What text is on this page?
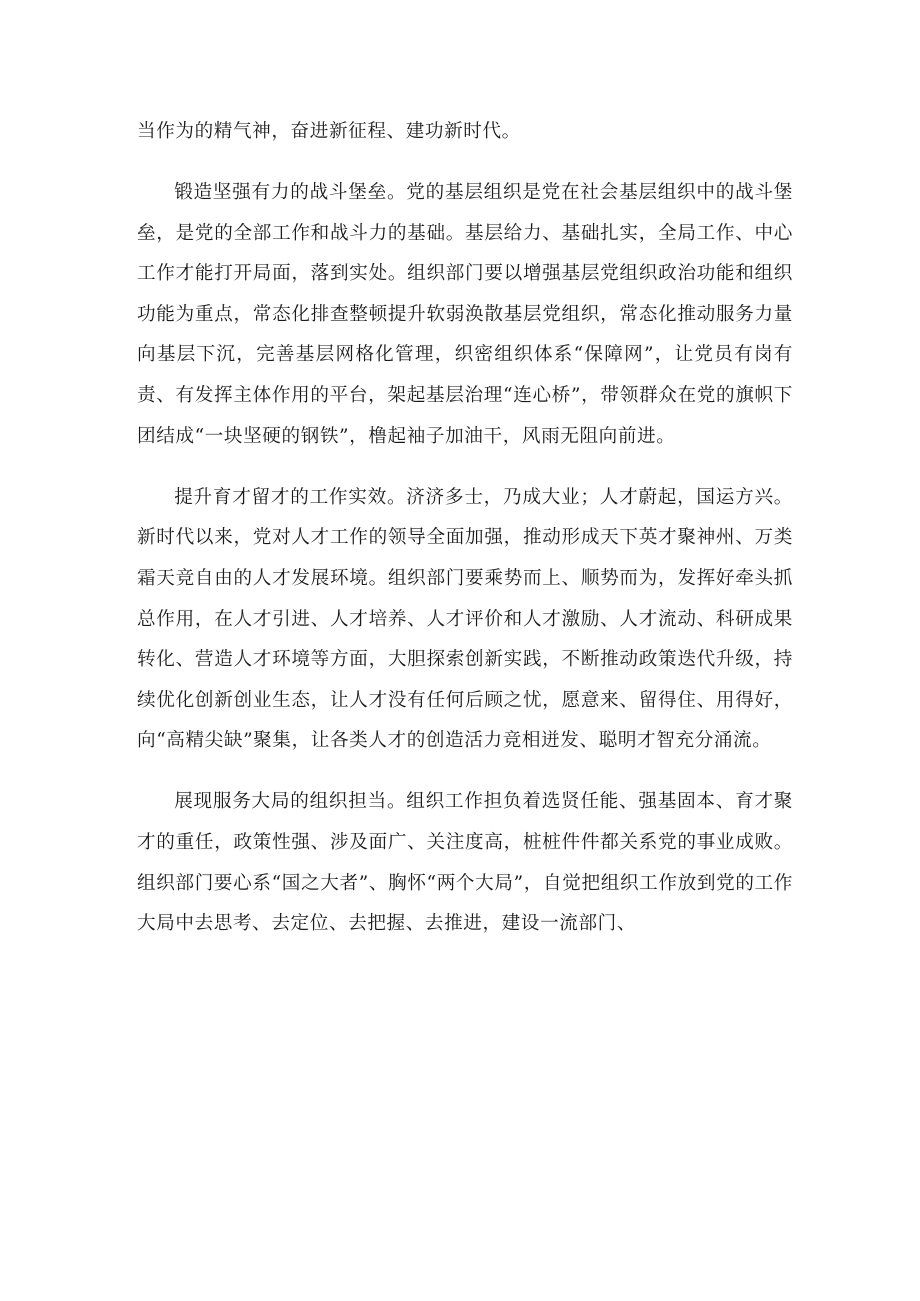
当作为的精气神，奋进新征程、建功新时代。

锻造坚强有力的战斗堡垒。党的基层组织是党在社会基层组织中的战斗堡垒，是党的全部工作和战斗力的基础。基层给力、基础扎实，全局工作、中心工作才能打开局面，落到实处。组织部门要以增强基层党组织政治功能和组织功能为重点，常态化排查整顿提升软弱涣散基层党组织，常态化推动服务力量向基层下沉，完善基层网格化管理，织密组织体系“保障网”，让党员有岗有责、有发挥主体作用的平台，架起基层治理“连心桥”，带领群众在党的旗帜下团结成“一块坚硬的钢铁”，橹起袖子加油干，风雨无阻向前进。

提升育才留才的工作实效。济济多士，乃成大业；人才蔚起，国运方兴。新时代以来，党对人才工作的领导全面加强，推动形成天下英才聚神州、万类霜天竞自由的人才发展环境。组织部门要乘势而上、顺势而为，发挥好牵头抓总作用，在人才引进、人才培养、人才评价和人才激励、人才流动、科研成果转化、营造人才环境等方面，大胆探索创新实践，不断推动政策迭代升级，持续优化创新创业生态，让人才没有任何后顾之忧，愿意来、留得住、用得好，向“高精尖缺”聚集，让各类人才的创造活力竞相迸发、聪明才智充分涌流。

展现服务大局的组织担当。组织工作担负着选贤任能、强基固本、育才聚才的重任，政策性强、涉及面广、关注度高，桩桩件件都关系党的事业成败。组织部门要心系“国之大者”、胸怀“两个大局”，自觉把组织工作放到党的工作大局中去思考、去定位、去把握、去推进，建设一流部门、
